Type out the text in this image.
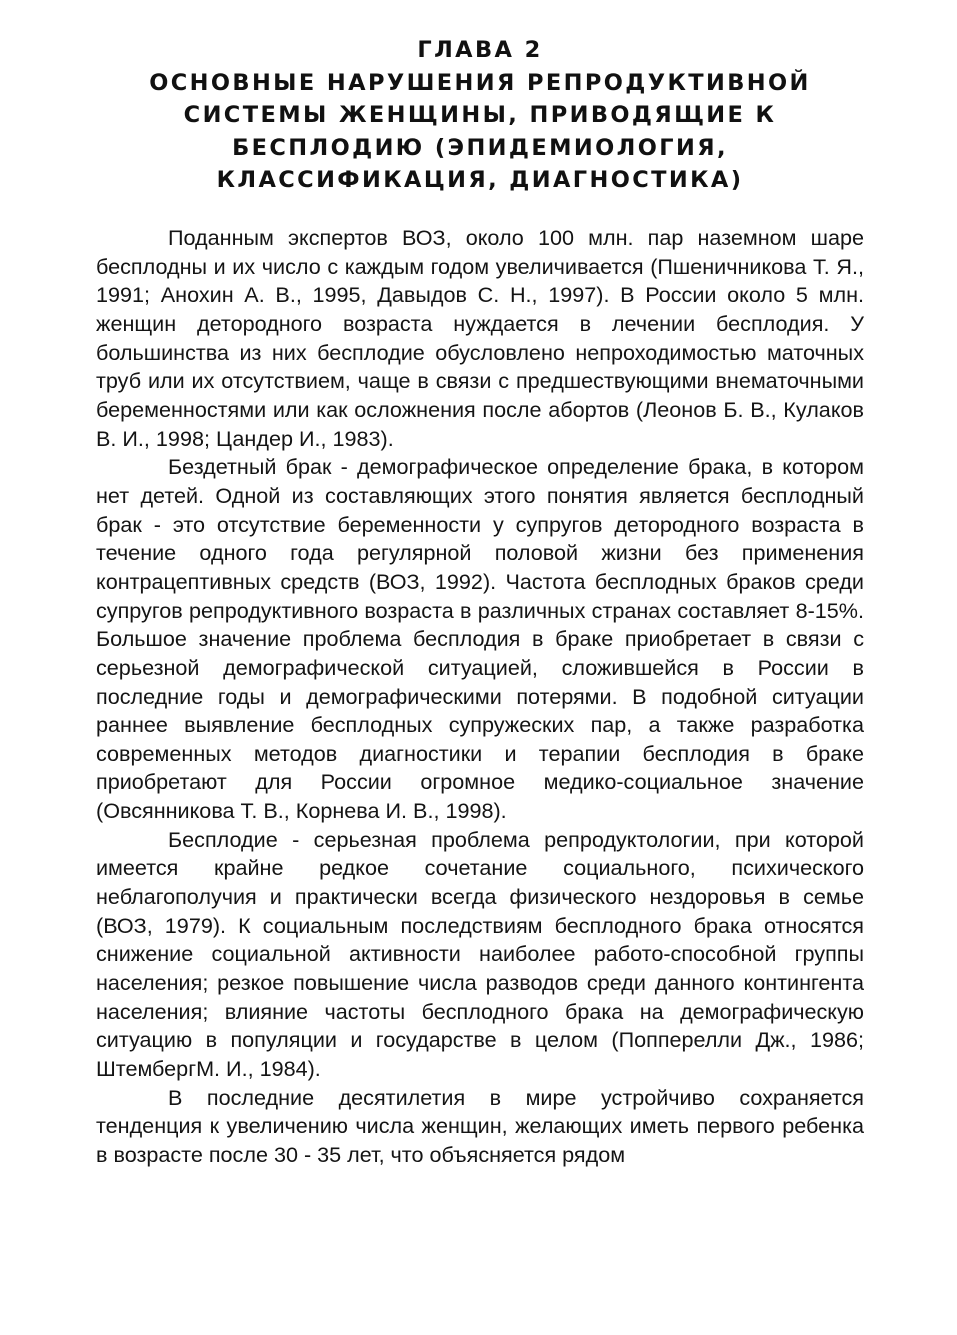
ГЛАВА 2
ОСНОВНЫЕ НАРУШЕНИЯ РЕПРОДУКТИВНОЙ
СИСТЕМЫ ЖЕНЩИНЫ, ПРИВОДЯЩИЕ К
БЕСПЛОДИЮ (ЭПИДЕМИОЛОГИЯ,
КЛАССИФИКАЦИЯ, ДИАГНОСТИКА)

Поданным экспертов ВОЗ, около 100 млн. пар наземном шаре бесплодны и их число с каждым годом увеличивается (Пшеничникова Т. Я., 1991; Анохин А. В., 1995, Давыдов С. Н., 1997). В России около 5 млн. женщин детородного возраста нуждается в лечении бесплодия. У большинства из них бесплодие обусловлено непроходимостью маточных труб или их отсутствием, чаще в связи с предшествующими внематочными беременностями или как осложнения после абортов (Леонов Б. В., Кулаков В. И., 1998; Цандер И., 1983).

Бездетный брак - демографическое определение брака, в котором нет детей. Одной из составляющих этого понятия является бесплодный брак - это отсутствие беременности у супругов детородного возраста в течение одного года регулярной половой жизни без применения контрацептивных средств (ВОЗ, 1992). Частота бесплодных браков среди супругов репродуктивного возраста в различных странах составляет 8-15%. Большое значение проблема бесплодия в браке приобретает в связи с серьезной демографической ситуацией, сложившейся в России в последние годы и демографическими потерями. В подобной ситуации раннее выявление бесплодных супружеских пар, а также разработка современных методов диагностики и терапии бесплодия в браке приобретают для России огромное медико-социальное значение (Овсянникова Т. В., Корнева И. В., 1998).

Бесплодие - серьезная проблема репродуктологии, при которой имеется крайне редкое сочетание социального, психического неблагополучия и практически всегда физического нездоровья в семье (ВОЗ, 1979). К социальным последствиям бесплодного брака относятся снижение социальной активности наиболее работо-способной группы населения; резкое повышение числа разводов среди данного контингента населения; влияние частоты бесплодного брака на демографическую ситуацию в популяции и государстве в целом (Попперелли Дж., 1986; ШтембергМ. И., 1984).

В последние десятилетия в мире устройчиво сохраняется тенденция к увеличению числа женщин, желающих иметь первого ребенка в возрасте после 30 - 35 лет, что объясняется рядом
